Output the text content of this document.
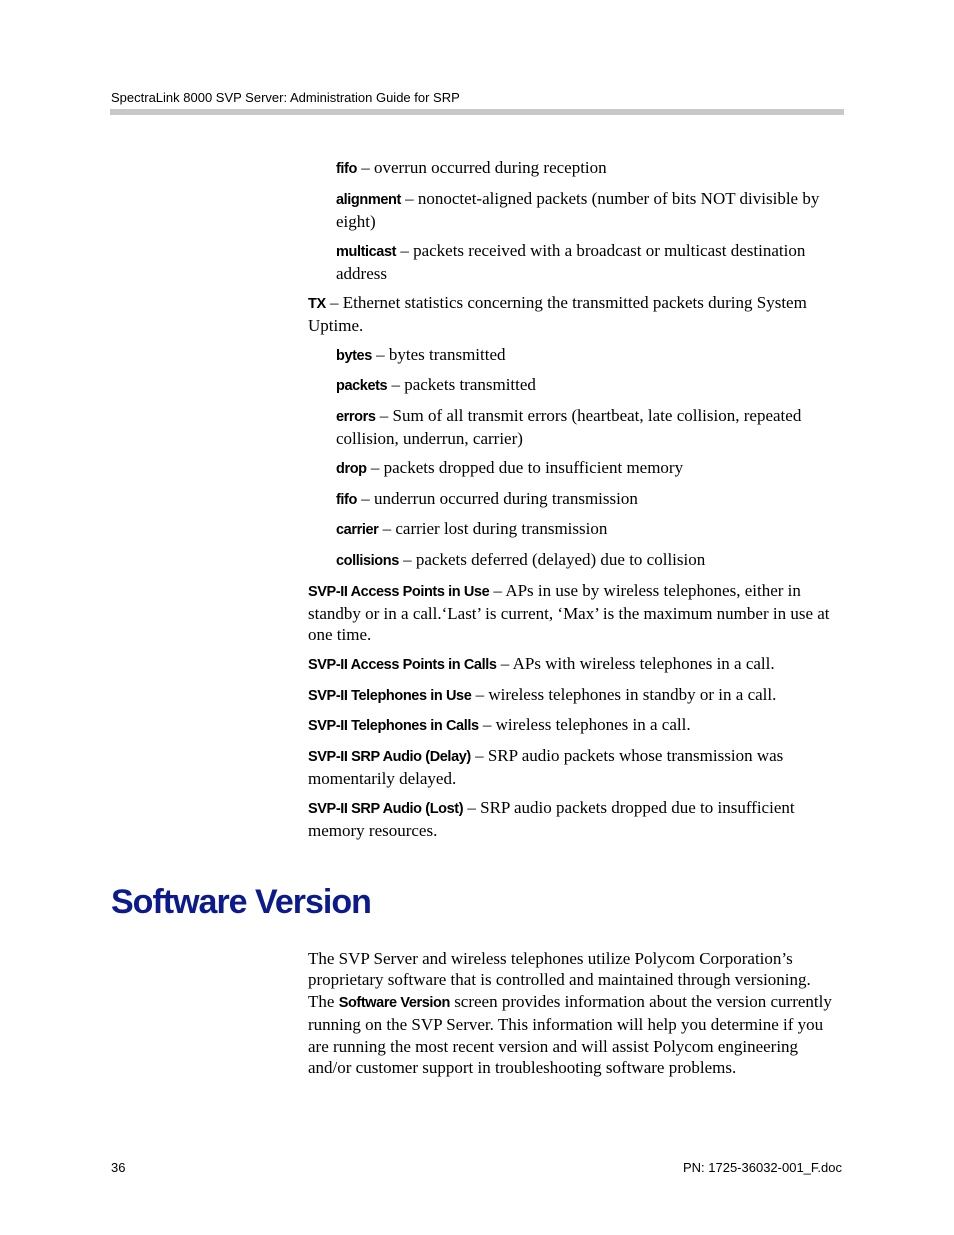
SpectraLink 8000 SVP Server: Administration Guide for SRP

fifo – overrun occurred during reception

alignment – nonoctet-aligned packets (number of bits NOT divisible by eight)

multicast – packets received with a broadcast or multicast destination address

TX – Ethernet statistics concerning the transmitted packets during System Uptime.

bytes – bytes transmitted

packets – packets transmitted

errors – Sum of all transmit errors (heartbeat, late collision, repeated collision, underrun, carrier)

drop – packets dropped due to insufficient memory

fifo – underrun occurred during transmission

carrier – carrier lost during transmission

collisions – packets deferred (delayed) due to collision

SVP-II Access Points in Use – APs in use by wireless telephones, either in standby or in a call.‘Last’ is current, ‘Max’ is the maximum number in use at one time.

SVP-II Access Points in Calls – APs with wireless telephones in a call.

SVP-II Telephones in Use – wireless telephones in standby or in a call.

SVP-II Telephones in Calls – wireless telephones in a call.

SVP-II SRP Audio (Delay) – SRP audio packets whose transmission was momentarily delayed.

SVP-II SRP Audio (Lost) – SRP audio packets dropped due to insufficient memory resources.

Software Version

The SVP Server and wireless telephones utilize Polycom Corporation’s proprietary software that is controlled and maintained through versioning. The Software Version screen provides information about the version currently running on the SVP Server. This information will help you determine if you are running the most recent version and will assist Polycom engineering and/or customer support in troubleshooting software problems.

36	PN: 1725-36032-001_F.doc
